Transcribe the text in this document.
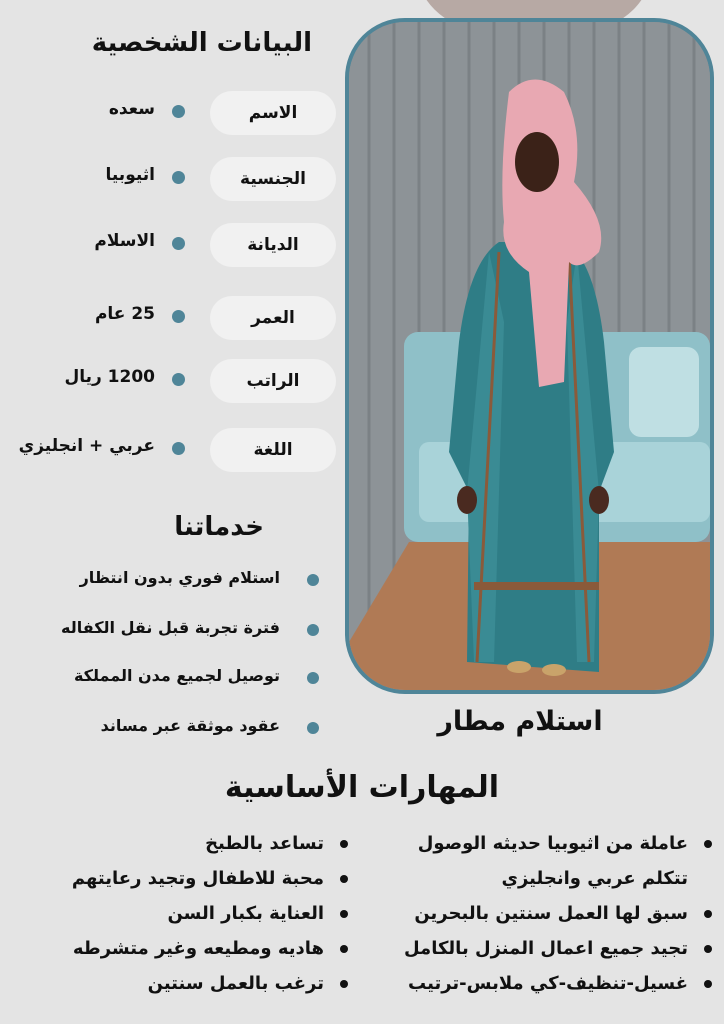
البيانات الشخصية
الاسم
سعده
الجنسية
اثيوبيا
الديانة
الاسلام
العمر
25 عام
الراتب
1200 ريال
اللغة
عربي + انجليزي
خدماتنا
استلام فوري بدون انتظار
فترة تجربة قبل نقل الكفاله
توصيل لجميع مدن المملكة
عقود موثقة عبر مساند	استلام مطار
المهارات الأساسية
عاملة من اثيوبيا حديثه الوصول
تتكلم عربي وانجليزي
سبق لها العمل سنتين بالبحرين
تجيد جميع اعمال المنزل بالكامل
غسيل-تنظيف-كي ملابس-ترتيب
تساعد بالطبخ
محبة للاطفال وتجيد رعايتهم
العناية بكبار السن
هاديه ومطيعه وغير متشرطه
ترغب بالعمل سنتين
